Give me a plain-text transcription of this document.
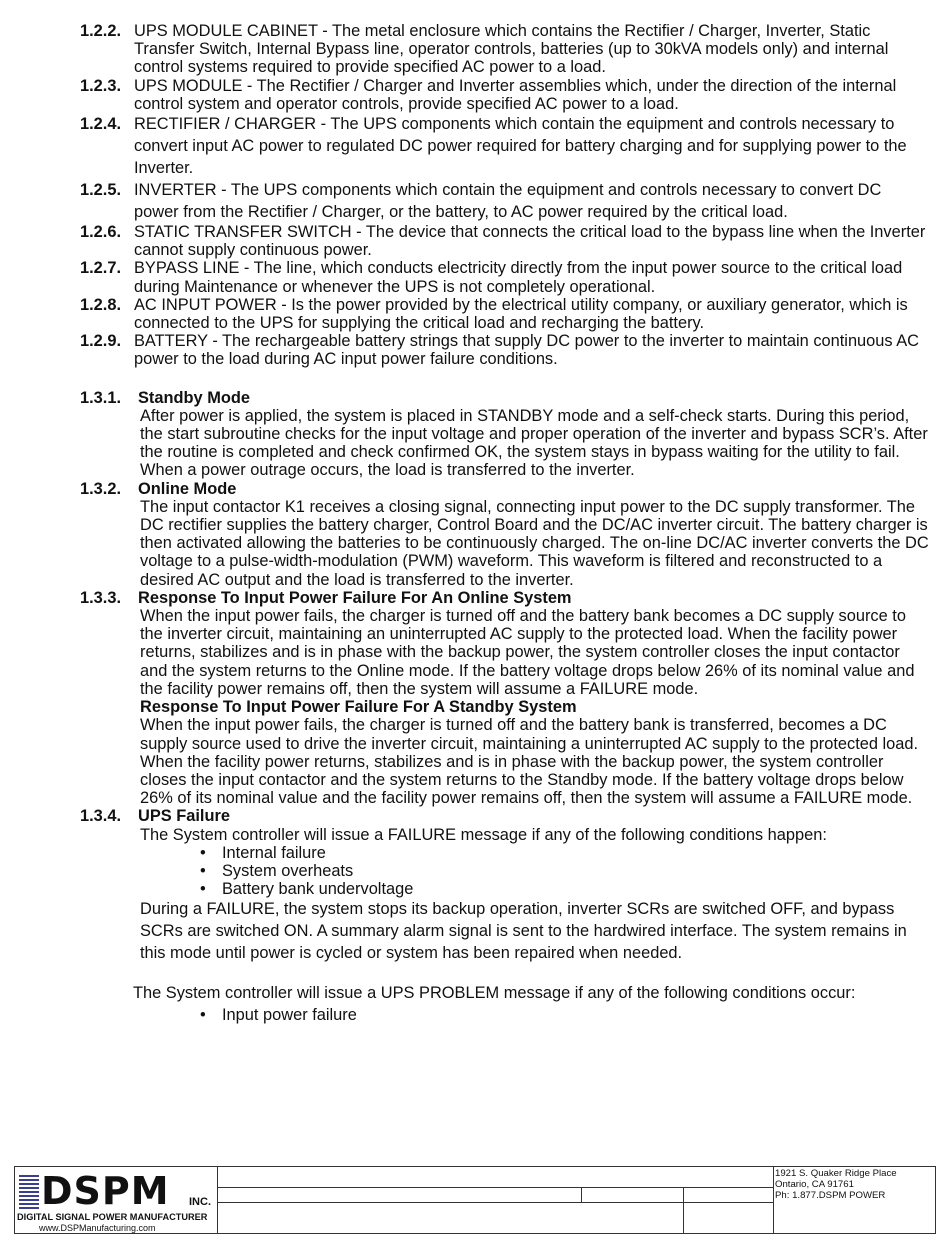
1.2.2. UPS MODULE CABINET - The metal enclosure which contains the Rectifier / Charger, Inverter, Static Transfer Switch, Internal Bypass line, operator controls, batteries (up to 30kVA models only) and internal control systems required to provide specified AC power to a load.
1.2.3. UPS MODULE - The Rectifier / Charger and Inverter assemblies which, under the direction of the internal control system and operator controls, provide specified AC power to a load.
1.2.4. RECTIFIER / CHARGER - The UPS components which contain the equipment and controls necessary to convert input AC power to regulated DC power required for battery charging and for supplying power to the Inverter.
1.2.5. INVERTER - The UPS components which contain the equipment and controls necessary to convert DC power from the Rectifier / Charger, or the battery, to AC power required by the critical load.
1.2.6. STATIC TRANSFER SWITCH - The device that connects the critical load to the bypass line when the Inverter cannot supply continuous power.
1.2.7. BYPASS LINE - The line, which conducts electricity directly from the input power source to the critical load during Maintenance or whenever the UPS is not completely operational.
1.2.8. AC INPUT POWER - Is the power provided by the electrical utility company, or auxiliary generator, which is connected to the UPS for supplying the critical load and recharging the battery.
1.2.9. BATTERY - The rechargeable battery strings that supply DC power to the inverter to maintain continuous AC power to the load during AC input power failure conditions.
1.3.1.	Standby Mode
After power is applied, the system is placed in STANDBY mode and a self-check starts. During this period, the start subroutine checks for the input voltage and proper operation of the inverter and bypass SCR’s. After the routine is completed and check confirmed OK, the system stays in bypass waiting for the utility to fail. When a power outrage occurs, the load is transferred to the inverter.
1.3.2.	Online Mode
The input contactor K1 receives a closing signal, connecting input power to the DC supply transformer. The DC rectifier supplies the battery charger, Control Board and the DC/AC inverter circuit. The battery charger is then activated allowing the batteries to be continuously charged. The on-line DC/AC inverter converts the DC voltage to a pulse-width-modulation (PWM) waveform. This waveform is filtered and reconstructed to a desired AC output and the load is transferred to the inverter.
1.3.3.	Response To Input Power Failure For An Online System
When the input power fails, the charger is turned off and the battery bank becomes a DC supply source to the inverter circuit, maintaining an uninterrupted AC supply to the protected load. When the facility power returns, stabilizes and is in phase with the backup power, the system controller closes the input contactor and the system returns to the Online mode. If the battery voltage drops below 26% of its nominal value and the facility power remains off, then the system will assume a FAILURE mode.
Response To Input Power Failure For A Standby System
When the input power fails, the charger is turned off and the battery bank is transferred, becomes a DC supply source used to drive the inverter circuit, maintaining a uninterrupted AC supply to the protected load. When the facility power returns, stabilizes and is in phase with the backup power, the system controller closes the input contactor and the system returns to the Standby mode. If the battery voltage drops below 26% of its nominal value and the facility power remains off, then the system will assume a FAILURE mode.
1.3.4.	UPS Failure
The System controller will issue a FAILURE message if any of the following conditions happen:
• Internal failure
• System overheats
• Battery bank undervoltage
During a FAILURE, the system stops its backup operation, inverter SCRs are switched OFF, and bypass SCRs are switched ON. A summary alarm signal is sent to the hardwired interface. The system remains in this mode until power is cycled or system has been repaired when needed.
The System controller will issue a UPS PROBLEM message if any of the following conditions occur:
• Input power failure
DSPM INC.
DIGITAL SIGNAL POWER MANUFACTURER
www.DSPManufacturing.com
1921 S. Quaker Ridge Place
Ontario, CA 91761
Ph: 1.877.DSPM POWER
